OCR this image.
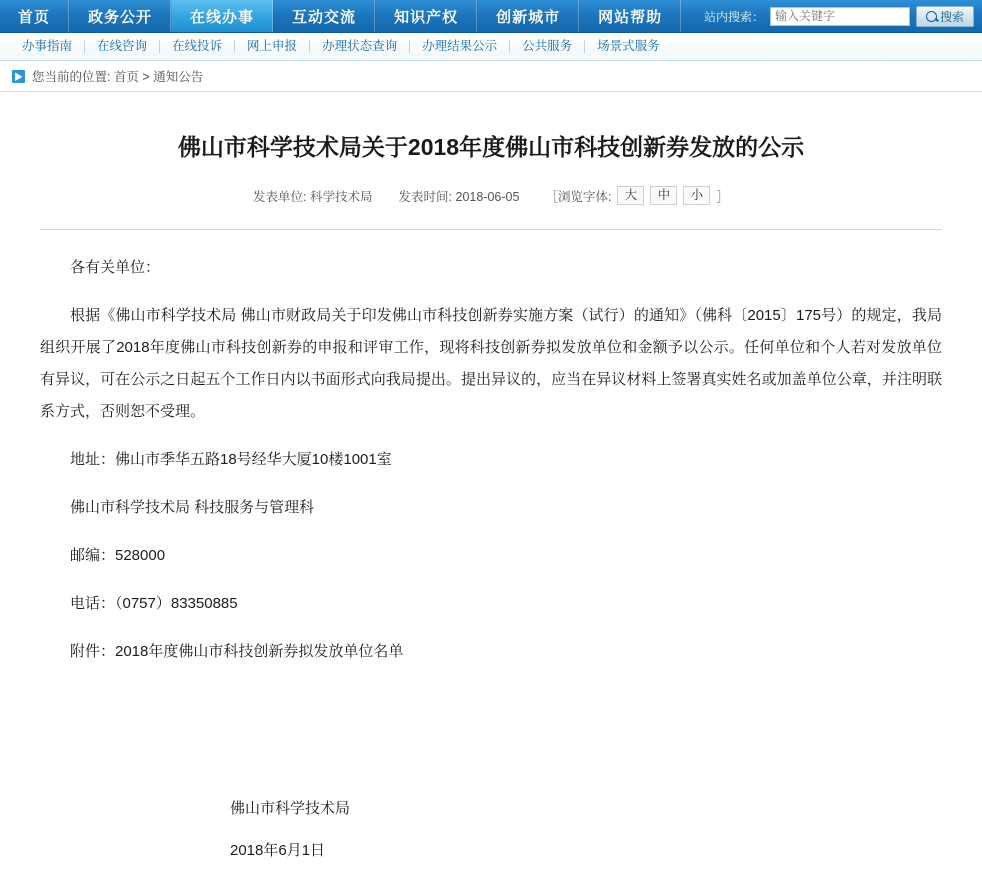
首页	政务公开	在线办事	互动交流	知识产权	创新城市	网站帮助	站内搜索：
输入关键字	搜索
办事指南	在线咨询	在线投诉	网上申报	办理状态查询	办理结果公示	公共服务	场景式服务
▶ 您当前的位置: 首页 > 通知公告
佛山市科学技术局关于2018年度佛山市科技创新券发放的公示
发表单位: 科学技术局 发表时间: 2018-06-05 ［浏览字体:	大	中	小	］

各有关单位：

根据《佛山市科学技术局 佛山市财政局关于印发佛山市科技创新券实施方案（试行）的通知》（佛科〔2015〕175号）的规定，我局组织开展了2018年度佛山市科技创新券的申报和评审工作，现将科技创新券拟发放单位和金额予以公示。任何单位和个人若对发放单位有异议，可在公示之日起五个工作日内以书面形式向我局提出。提出异议的，应当在异议材料上签署真实姓名或加盖单位公章，并注明联系方式，否则恕不受理。

地址：佛山市季华五路18号经华大厦10楼1001室

佛山市科学技术局 科技服务与管理科

邮编：528000

电话：（0757）83350885

附件：2018年度佛山市科技创新券拟发放单位名单

佛山市科学技术局
2018年6月1日
